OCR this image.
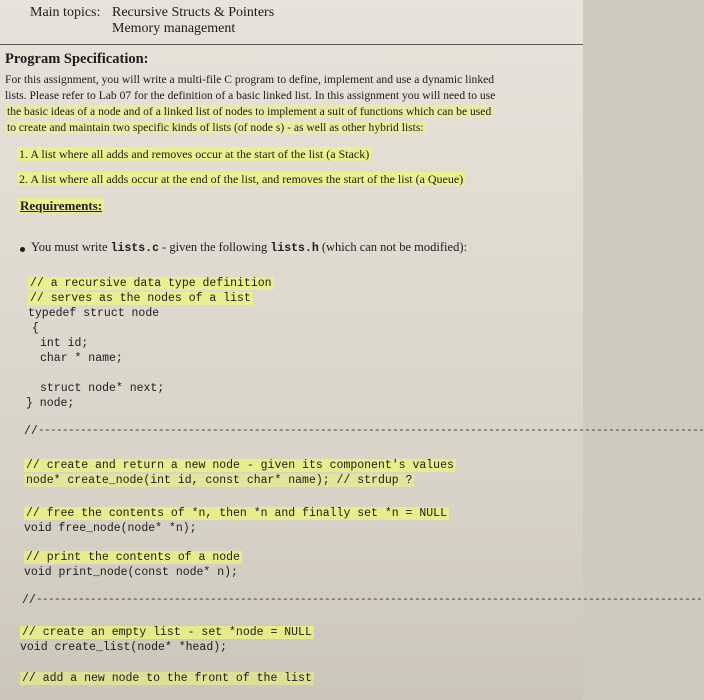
Main topics: Recursive Structs & Pointers
Memory management
Program Specification:
For this assignment, you will write a multi-file C program to define, implement and use a dynamic linked
lists. Please refer to Lab 07 for the definition of a basic linked list. In this assignment you will need to use
the basic ideas of a node and of a linked list of nodes to implement a suit of functions which can be used
to create and maintain two specific kinds of lists (of node s) - as well as other hybrid lists:
1. A list where all adds and removes occur at the start of the list (a Stack)
2. A list where all adds occur at the end of the list, and removes the start of the list (a Queue)
Requirements:
You must write lists.c - given the following lists.h (which can not be modified):
// a recursive data type definition
// serves as the nodes of a list
typedef struct node
{
int id;
char * name;
struct node* next;
} node;
// ---------------------------------------------------------------------------------------------------------------
// create and return a new node - given its component's values
node* create_node(int id, const char* name); // strdup ?
// free the contents of *n, then *n and finally set *n = NULL
void free_node(node* *n);
// print the contents of a node
void print_node(const node* n);
// ---------------------------------------------------------------------------------------------------------------
// create an empty list - set *node = NULL
void create_list(node* *head);
// add a new node to the front of the list
